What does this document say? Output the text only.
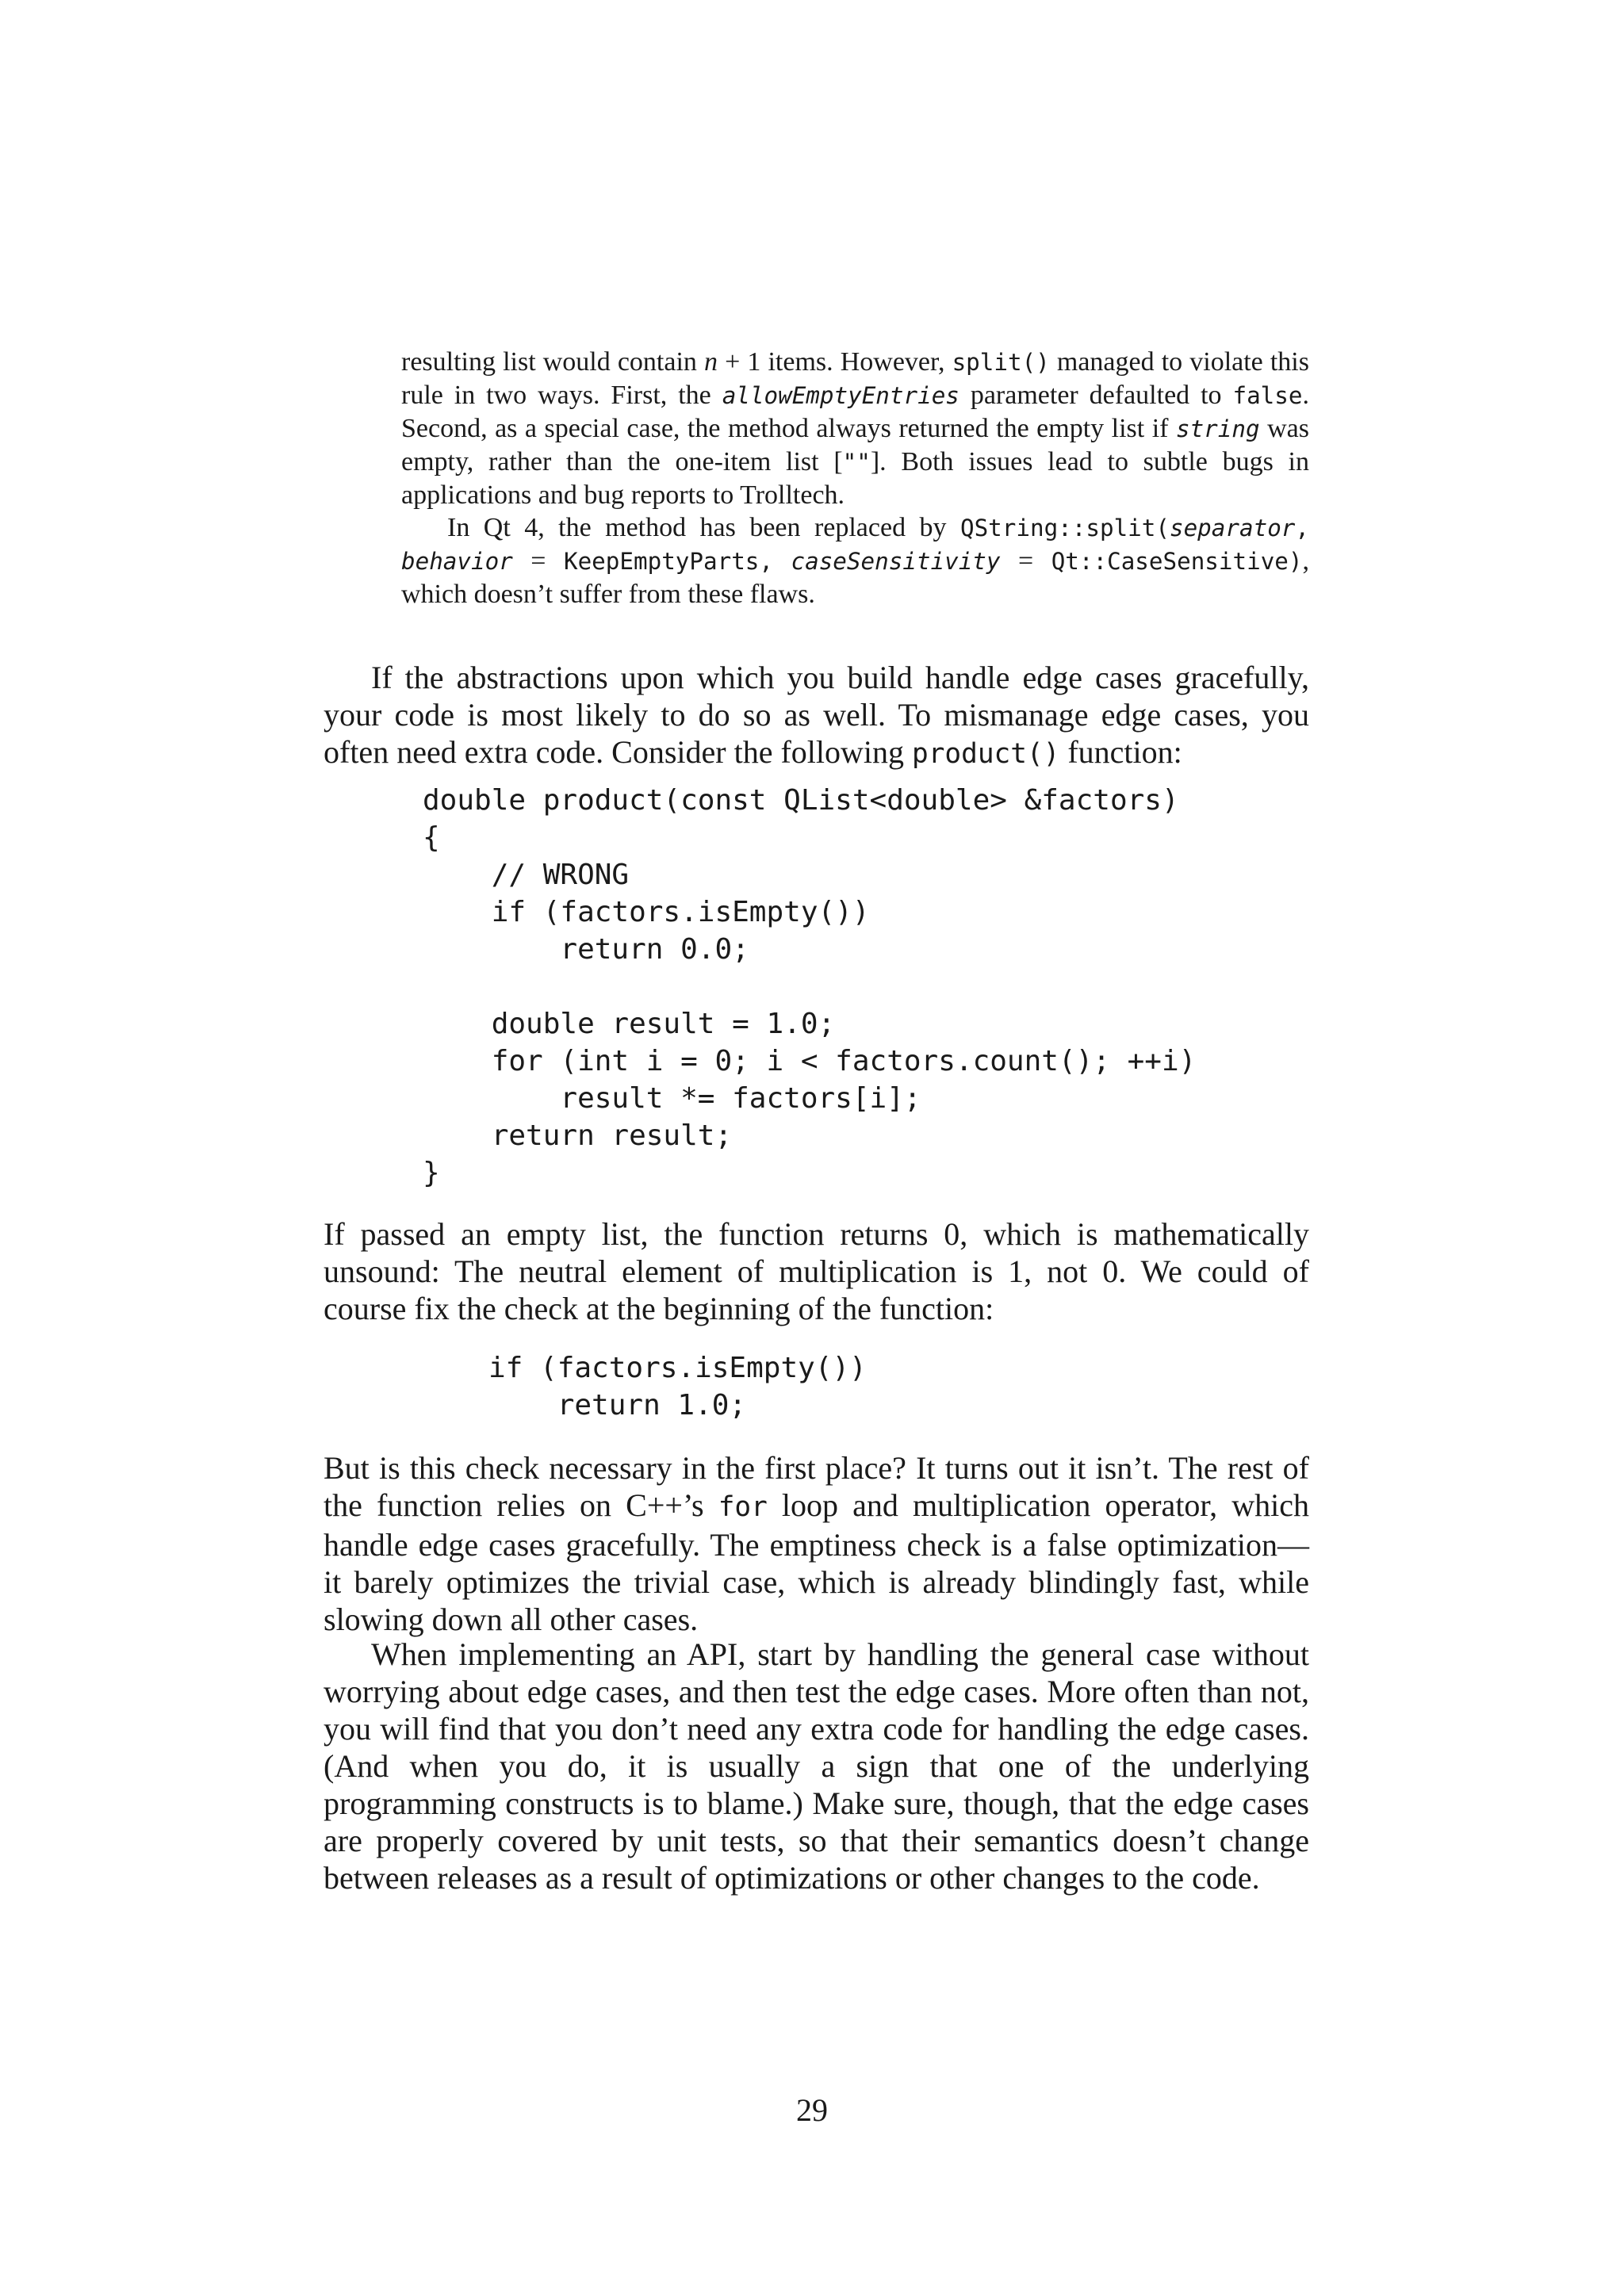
resulting list would contain n + 1 items. However, split() managed to violate this rule in two ways. First, the allowEmptyEntries parameter defaulted to false. Second, as a special case, the method always returned the empty list if string was empty, rather than the one-item list [""]. Both issues lead to subtle bugs in applications and bug reports to Trolltech.

In Qt 4, the method has been replaced by QString::split(separator, behavior = KeepEmptyParts, caseSensitivity = Qt::CaseSensitive), which doesn’t suffer from these flaws.

If the abstractions upon which you build handle edge cases gracefully, your code is most likely to do so as well. To mismanage edge cases, you often need extra code. Consider the following product() function:

double product(const QList<double> &factors)
{
// WRONG
if (factors.isEmpty())
return 0.0;

double result = 1.0;
for (int i = 0; i < factors.count(); ++i)
result *= factors[i];
return result;
}

If passed an empty list, the function returns 0, which is mathematically unsound: The neutral element of multiplication is 1, not 0. We could of course fix the check at the beginning of the function:

if (factors.isEmpty())
return 1.0;

But is this check necessary in the first place? It turns out it isn’t. The rest of the function relies on C++’s for loop and multiplication operator, which handle edge cases gracefully. The emptiness check is a false optimization— it barely optimizes the trivial case, which is already blindingly fast, while slowing down all other cases.

When implementing an API, start by handling the general case without worrying about edge cases, and then test the edge cases. More often than not, you will find that you don’t need any extra code for handling the edge cases. (And when you do, it is usually a sign that one of the underlying programming constructs is to blame.) Make sure, though, that the edge cases are properly covered by unit tests, so that their semantics doesn’t change between releases as a result of optimizations or other changes to the code.

29
